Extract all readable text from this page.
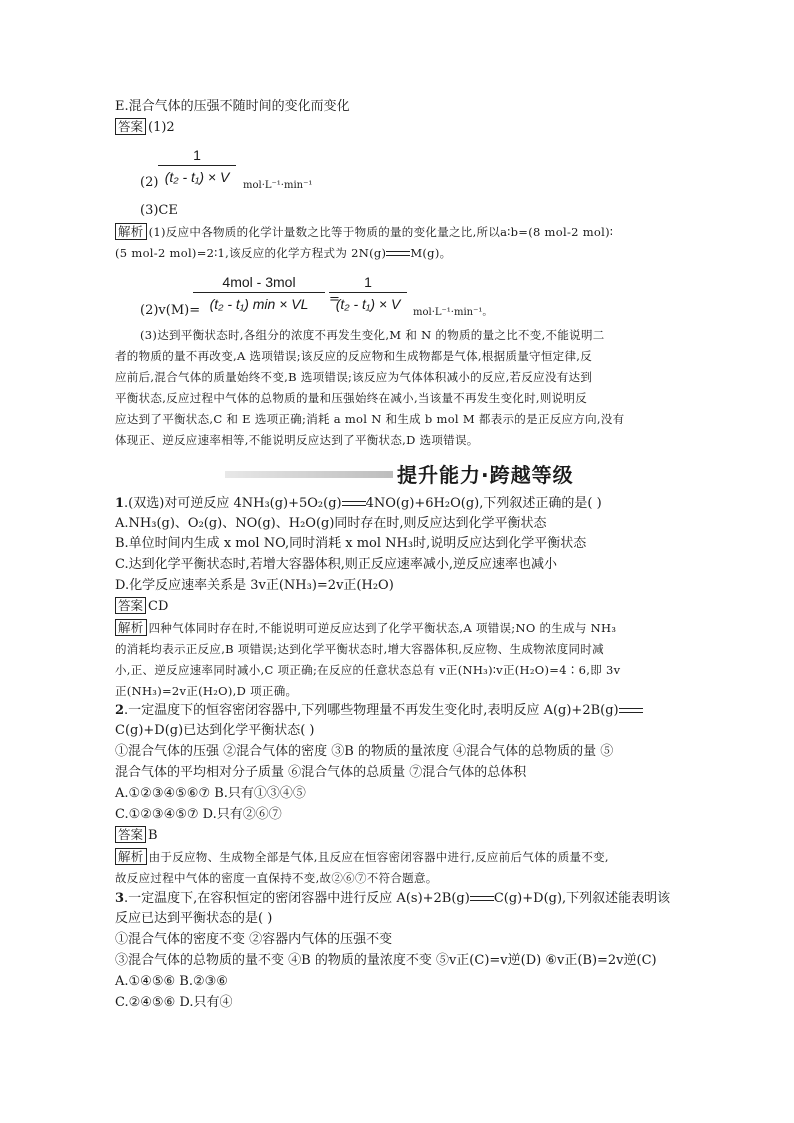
E.混合气体的压强不随时间的变化而变化
答案 (1)2
(2)
1
(t₂ - t₁) × V
mol·L⁻¹·min⁻¹
(3)CE
解析 (1)反应中各物质的化学计量数之比等于物质的量的变化量之比,所以a∶b=(8 mol-2 mol)∶
(5 mol-2 mol)=2∶1,该反应的化学方程式为 2N(g) M(g)。
(2)v(M)=
4mol - 3mol
(t₂ - t₁) min × VL	=
1
(t₂ - t₁) × V
mol·L⁻¹·min⁻¹。
(3)达到平衡状态时,各组分的浓度不再发生变化,M 和 N 的物质的量之比不变,不能说明二
者的物质的量不再改变,A 选项错误;该反应的反应物和生成物都是气体,根据质量守恒定律,反
应前后,混合气体的质量始终不变,B 选项错误;该反应为气体体积减小的反应,若反应没有达到
平衡状态,反应过程中气体的总物质的量和压强始终在减小,当该量不再发生变化时,则说明反
应达到了平衡状态,C 和 E 选项正确;消耗 a mol N 和生成 b mol M 都表示的是正反应方向,没有
体现正、逆反应速率相等,不能说明反应达到了平衡状态,D 选项错误。
提升能力·跨越等级
1.(双选)对可逆反应 4NH₃(g)+5O₂(g) 4NO(g)+6H₂O(g),下列叙述正确的是( )
A.NH₃(g)、O₂(g)、NO(g)、H₂O(g)同时存在时,则反应达到化学平衡状态
B.单位时间内生成 x mol NO,同时消耗 x mol NH₃时,说明反应达到化学平衡状态
C.达到化学平衡状态时,若增大容器体积,则正反应速率减小,逆反应速率也减小
D.化学反应速率关系是 3v正(NH₃)=2v正(H₂O)
答案 CD
解析 四种气体同时存在时,不能说明可逆反应达到了化学平衡状态,A 项错误;NO 的生成与 NH₃
的消耗均表示正反应,B 项错误;达到化学平衡状态时,增大容器体积,反应物、生成物浓度同时减
小,正、逆反应速率同时减小,C 项正确;在反应的任意状态总有 v正(NH₃)∶v正(H₂O)=4∶6,即 3v
正(NH₃)=2v正(H₂O),D 项正确。
2.一定温度下的恒容密闭容器中,下列哪些物理量不再发生变化时,表明反应 A(g)+2B(g)
C(g)+D(g)已达到化学平衡状态( )
①混合气体的压强 ②混合气体的密度 ③B 的物质的量浓度 ④混合气体的总物质的量 ⑤
混合气体的平均相对分子质量 ⑥混合气体的总质量 ⑦混合气体的总体积
A.①②③④⑤⑥⑦ B.只有①③④⑤
C.①②③④⑤⑦ D.只有②⑥⑦
答案 B
解析 由于反应物、生成物全部是气体,且反应在恒容密闭容器中进行,反应前后气体的质量不变,
故反应过程中气体的密度一直保持不变,故②⑥⑦不符合题意。
3.一定温度下,在容积恒定的密闭容器中进行反应 A(s)+2B(g) C(g)+D(g),下列叙述能表明该
反应已达到平衡状态的是( )
①混合气体的密度不变 ②容器内气体的压强不变
③混合气体的总物质的量不变 ④B 的物质的量浓度不变 ⑤v正(C)=v逆(D) ⑥v正(B)=2v逆(C)
A.①④⑤⑥ B.②③⑥
C.②④⑤⑥ D.只有④
